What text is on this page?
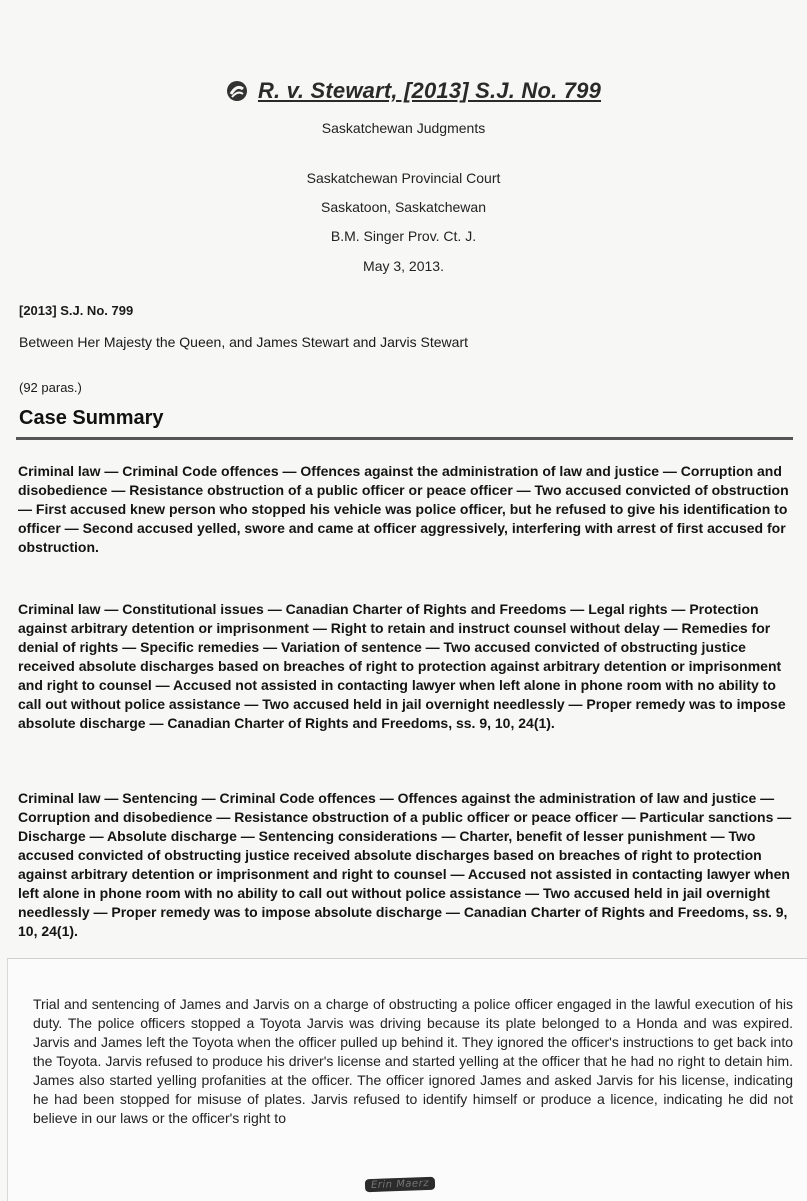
R. v. Stewart, [2013] S.J. No. 799
Saskatchewan Judgments
Saskatchewan Provincial Court
Saskatoon, Saskatchewan
B.M. Singer Prov. Ct. J.
May 3, 2013.
[2013] S.J. No. 799
Between Her Majesty the Queen, and James Stewart and Jarvis Stewart
(92 paras.)
Case Summary
Criminal law — Criminal Code offences — Offences against the administration of law and justice — Corruption and disobedience — Resistance obstruction of a public officer or peace officer — Two accused convicted of obstruction — First accused knew person who stopped his vehicle was police officer, but he refused to give his identification to officer — Second accused yelled, swore and came at officer aggressively, interfering with arrest of first accused for obstruction.
Criminal law — Constitutional issues — Canadian Charter of Rights and Freedoms — Legal rights — Protection against arbitrary detention or imprisonment — Right to retain and instruct counsel without delay — Remedies for denial of rights — Specific remedies — Variation of sentence — Two accused convicted of obstructing justice received absolute discharges based on breaches of right to protection against arbitrary detention or imprisonment and right to counsel — Accused not assisted in contacting lawyer when left alone in phone room with no ability to call out without police assistance — Two accused held in jail overnight needlessly — Proper remedy was to impose absolute discharge — Canadian Charter of Rights and Freedoms, ss. 9, 10, 24(1).
Criminal law — Sentencing — Criminal Code offences — Offences against the administration of law and justice — Corruption and disobedience — Resistance obstruction of a public officer or peace officer — Particular sanctions — Discharge — Absolute discharge — Sentencing considerations — Charter, benefit of lesser punishment — Two accused convicted of obstructing justice received absolute discharges based on breaches of right to protection against arbitrary detention or imprisonment and right to counsel — Accused not assisted in contacting lawyer when left alone in phone room with no ability to call out without police assistance — Two accused held in jail overnight needlessly — Proper remedy was to impose absolute discharge — Canadian Charter of Rights and Freedoms, ss. 9, 10, 24(1).
Trial and sentencing of James and Jarvis on a charge of obstructing a police officer engaged in the lawful execution of his duty. The police officers stopped a Toyota Jarvis was driving because its plate belonged to a Honda and was expired. Jarvis and James left the Toyota when the officer pulled up behind it. They ignored the officer's instructions to get back into the Toyota. Jarvis refused to produce his driver's license and started yelling at the officer that he had no right to detain him. James also started yelling profanities at the officer. The officer ignored James and asked Jarvis for his license, indicating he had been stopped for misuse of plates. Jarvis refused to identify himself or produce a licence, indicating he did not believe in our laws or the officer's right to
Erin Maerz
